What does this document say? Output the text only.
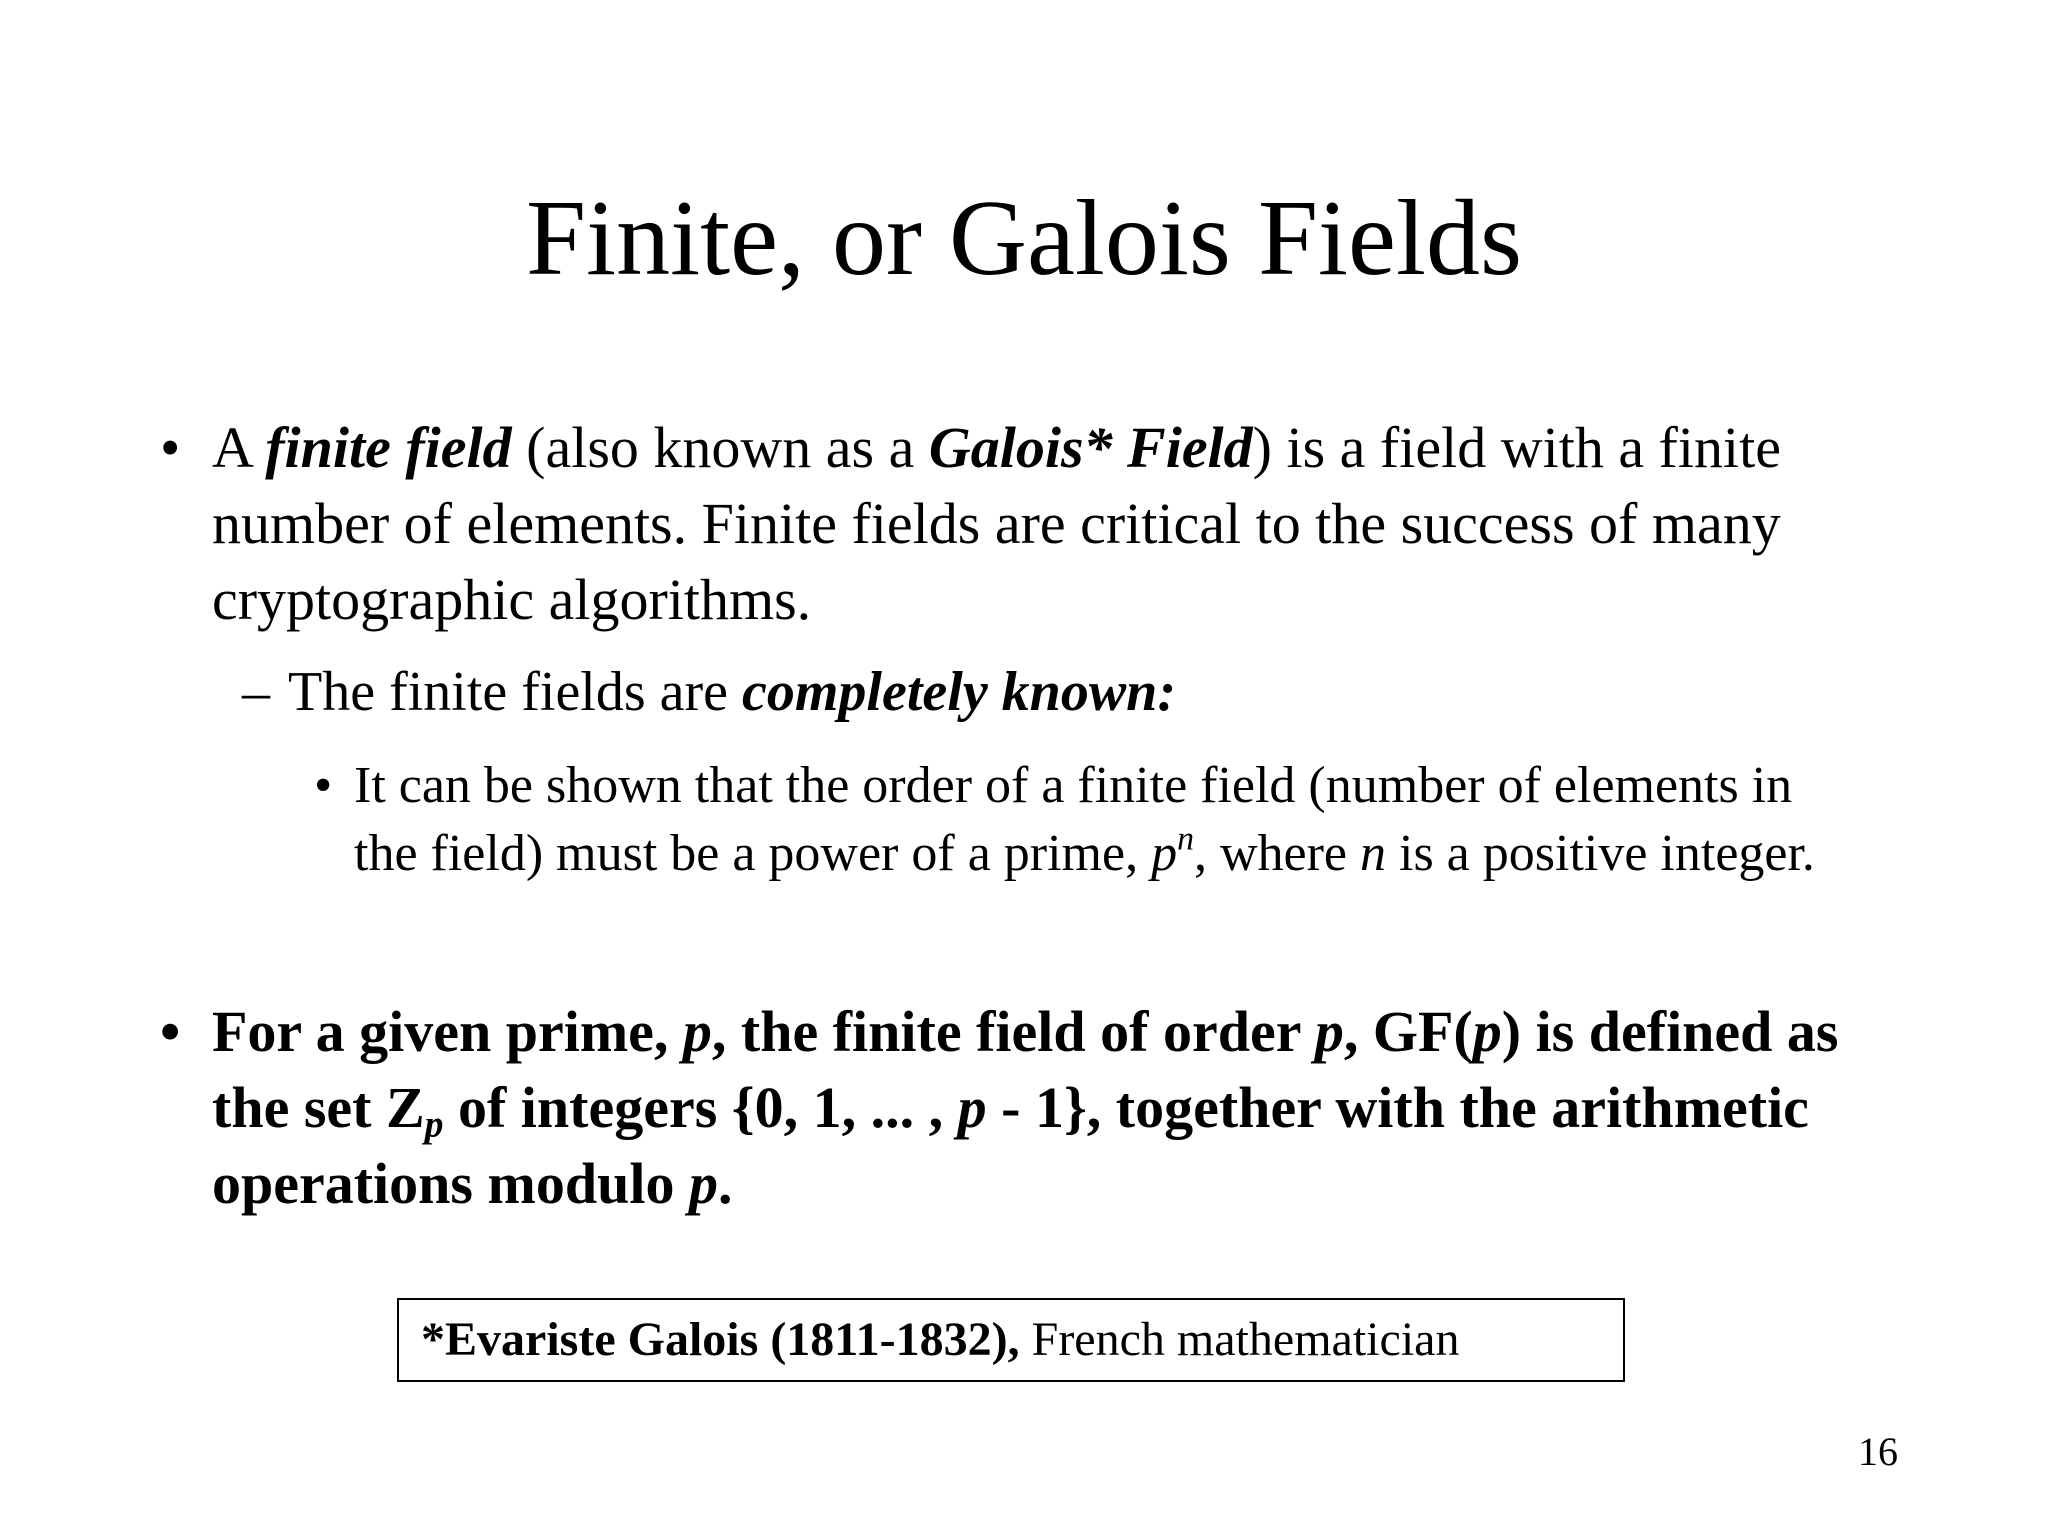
Finite, or Galois Fields
• A finite field (also known as a Galois* Field) is a field with a finite number of elements. Finite fields are critical to the success of many cryptographic algorithms.
– The finite fields are completely known:
• It can be shown that the order of a finite field (number of elements in the field) must be a power of a prime, $p^n$, where n is a positive integer.
• For a given prime, p, the finite field of order p, GF(p) is defined as the set $Z_p$ of integers {0, 1, ... , p - 1}, together with the arithmetic operations modulo p.
*Evariste Galois (1811-1832), French mathematician
16
